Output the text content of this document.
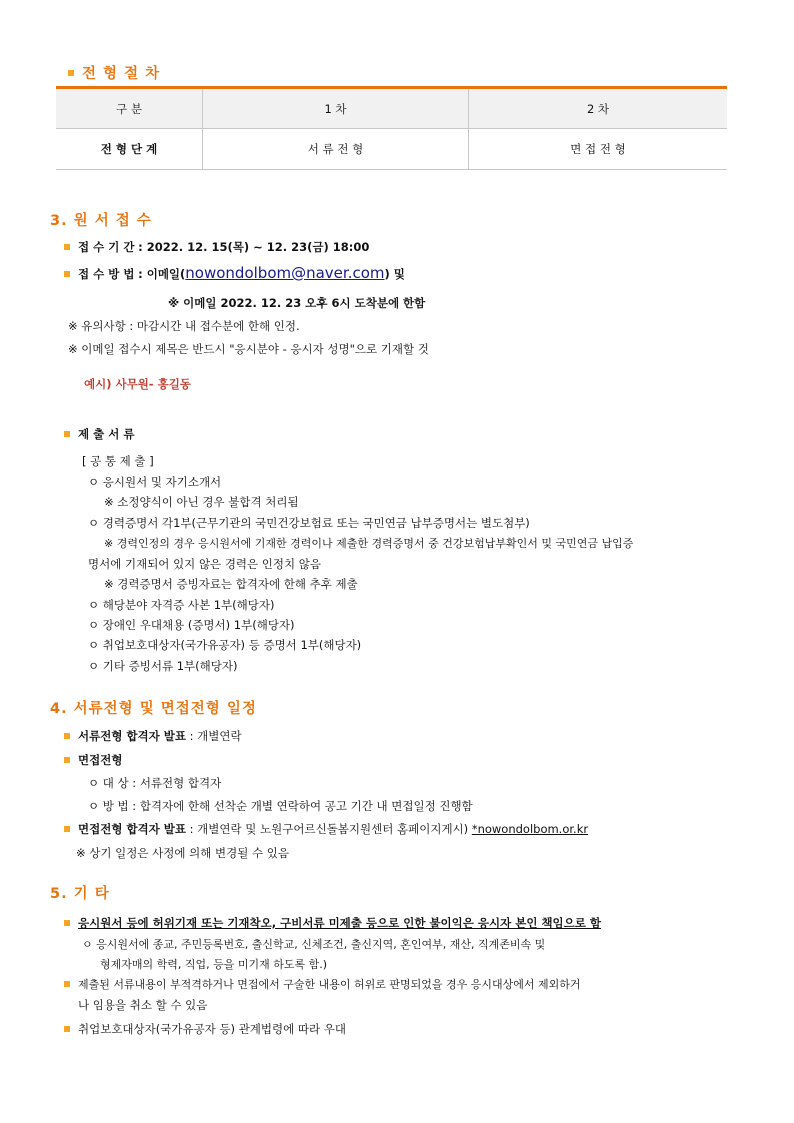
전 형 절 차
구 분	1 차	2 차
전 형 단 계	서 류 전 형	면 접 전 형
3. 원 서 접 수
접 수 기 간 : 2022. 12. 15(목) ~ 12. 23(금) 18:00
접 수 방 법 : 이메일(nowondolbom@naver.com) 및
※ 이메일 2022. 12. 23 오후 6시 도착분에 한함
※ 유의사항 : 마감시간 내 접수분에 한해 인정.
※ 이메일 접수시 제목은 반드시 "응시분야 - 응시자 성명"으로 기재할 것
예시) 사무원- 홍길동
제 출 서 류
[ 공 통 제 출 ]
ㅇ 응시원서 및 자기소개서
※ 소정양식이 아닌 경우 불합격 처리됨
ㅇ 경력증명서 각1부(근무기관의 국민건강보험료 또는 국민연금 납부증명서는 별도첨부)
※ 경력인정의 경우 응시원서에 기재한 경력이나 제출한 경력증명서 중 건강보험납부확인서 및 국민연금 납입증
명서에 기재되어 있지 않은 경력은 인정치 않음
※ 경력증명서 증빙자료는 합격자에 한해 추후 제출
ㅇ 해당분야 자격증 사본 1부(해당자)
ㅇ 장애인 우대채용 (증명서) 1부(해당자)
ㅇ 취업보호대상자(국가유공자) 등 증명서 1부(해당자)
ㅇ 기타 증빙서류 1부(해당자)
4. 서류전형 및 면접전형 일정
서류전형 합격자 발표 : 개별연락
면접전형
ㅇ 대 상 : 서류전형 합격자
ㅇ 방 법 : 합격자에 한해 선착순 개별 연락하여 공고 기간 내 면접일정 진행함
면접전형 합격자 발표 : 개별연락 및 노원구어르신돌봄지원센터 홈페이지게시) *nowondolbom.or.kr
※ 상기 일정은 사정에 의해 변경될 수 있음
5. 기 타
응시원서 등에 허위기재 또는 기재착오, 구비서류 미제출 등으로 인한 불이익은 응시자 본인 책임으로 함
ㅇ 응시원서에 종교, 주민등록번호, 출신학교, 신체조건, 출신지역, 혼인여부, 재산, 직계존비속 및
형제자매의 학력, 직업, 등을 미기재 하도록 함.)
제출된 서류내용이 부적격하거나 면접에서 구술한 내용이 허위로 판명되었을 경우 응시대상에서 제외하거
나 임용을 취소 할 수 있음
취업보호대상자(국가유공자 등) 관계법령에 따라 우대
